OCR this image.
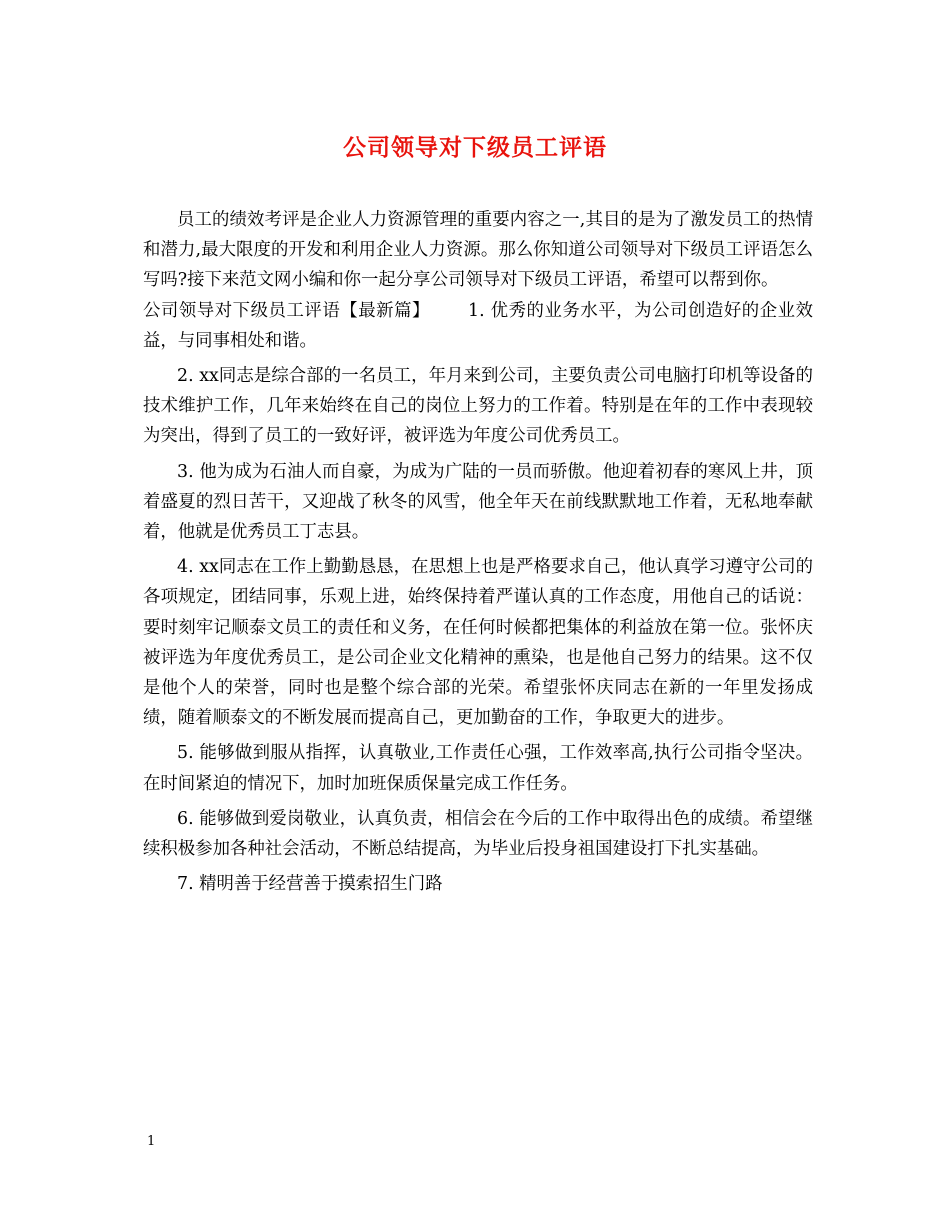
公司领导对下级员工评语

员工的绩效考评是企业人力资源管理的重要内容之一,其目的是为了激发员工的热情和潜力,最大限度的开发和利用企业人力资源。那么你知道公司领导对下级员工评语怎么写吗?接下来范文网小编和你一起分享公司领导对下级员工评语，希望可以帮到你。

公司领导对下级员工评语【最新篇】 1. 优秀的业务水平，为公司创造好的企业效益，与同事相处和谐。

2. xx同志是综合部的一名员工，年月来到公司，主要负责公司电脑打印机等设备的技术维护工作，几年来始终在自己的岗位上努力的工作着。特别是在年的工作中表现较为突出，得到了员工的一致好评，被评选为年度公司优秀员工。

3. 他为成为石油人而自豪，为成为广陆的一员而骄傲。他迎着初春的寒风上井，顶着盛夏的烈日苦干，又迎战了秋冬的风雪，他全年天在前线默默地工作着，无私地奉献着，他就是优秀员工丁志县。

4. xx同志在工作上勤勤恳恳，在思想上也是严格要求自己，他认真学习遵守公司的各项规定，团结同事，乐观上进，始终保持着严谨认真的工作态度，用他自己的话说：要时刻牢记顺泰文员工的责任和义务，在任何时候都把集体的利益放在第一位。张怀庆被评选为年度优秀员工，是公司企业文化精神的熏染，也是他自己努力的结果。这不仅是他个人的荣誉，同时也是整个综合部的光荣。希望张怀庆同志在新的一年里发扬成绩，随着顺泰文的不断发展而提高自己，更加勤奋的工作，争取更大的进步。

5. 能够做到服从指挥，认真敬业,工作责任心强，工作效率高,执行公司指令坚决。在时间紧迫的情况下，加时加班保质保量完成工作任务。

6. 能够做到爱岗敬业，认真负责，相信会在今后的工作中取得出色的成绩。希望继续积极参加各种社会活动，不断总结提高，为毕业后投身祖国建设打下扎实基础。

7. 精明善于经营善于摸索招生门路

1
